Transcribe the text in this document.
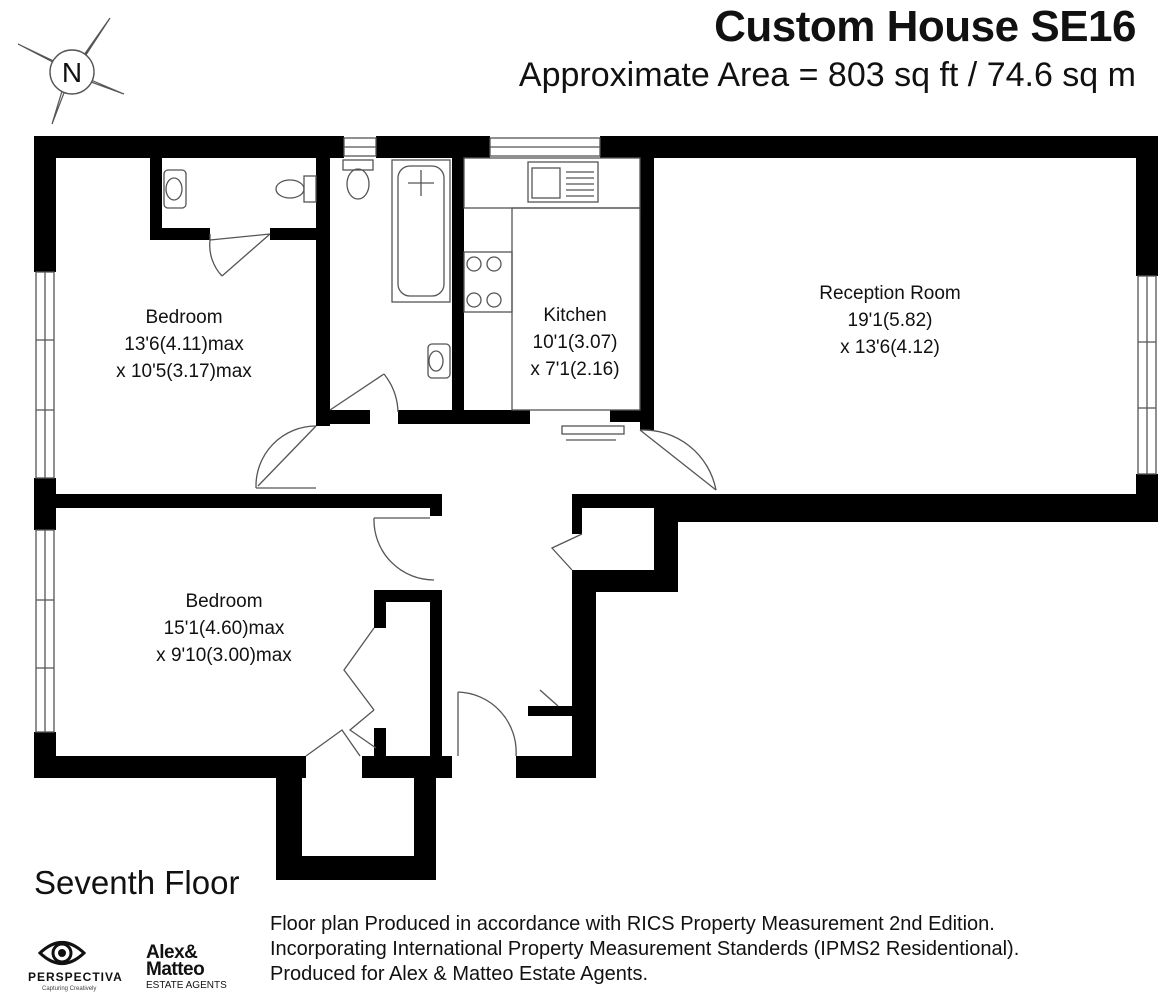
Custom House SE16
Approximate Area = 803 sq ft / 74.6 sq m
N
Bedroom
13'6(4.11)max
x 10'5(3.17)max
Kitchen
10'1(3.07)
x 7'1(2.16)
Reception Room
19'1(5.82)
x 13'6(4.12)
Bedroom
15'1(4.60)max
x 9'10(3.00)max
Seventh Floor
Floor plan Produced in accordance with RICS Property Measurement 2nd Edition.
Incorporating International Property Measurement Standerds (IPMS2 Residentional).
Produced for Alex & Matteo Estate Agents.
PERSPECTIVA
Capturing Creatively
Alex&
Matteo
ESTATE AGENTS
